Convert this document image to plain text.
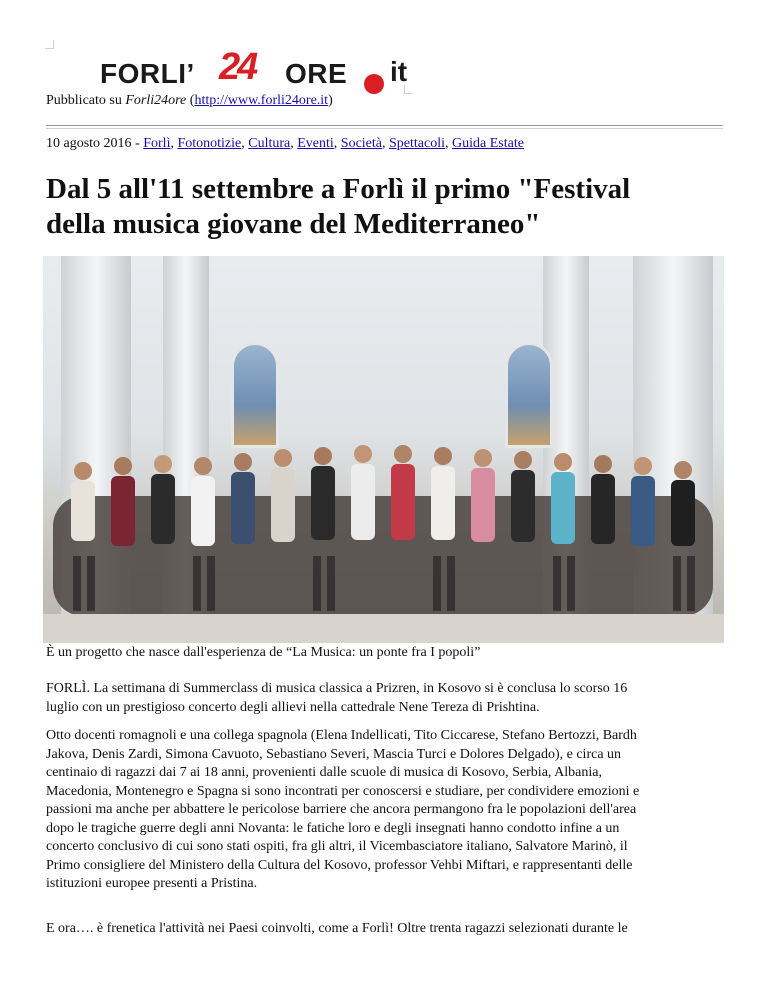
FORLI’ 24 ORE it
Pubblicato su Forli24ore (http://www.forli24ore.it)
10 agosto 2016 - Forlì, Fotonotizie, Cultura, Eventi, Società, Spettacoli, Guida Estate
Dal 5 all'11 settembre a Forlì il primo "Festival
della musica giovane del Mediterraneo"
È un progetto che nasce dall'esperienza de “La Musica: un ponte fra I popoli”

FORLÌ. La settimana di Summerclass di musica classica a Prizren, in Kosovo si è conclusa lo scorso 16
luglio con un prestigioso concerto degli allievi nella cattedrale Nene Tereza di Prishtina.

Otto docenti romagnoli e una collega spagnola (Elena Indellicati, Tito Ciccarese, Stefano Bertozzi, Bardh
Jakova, Denis Zardi, Simona Cavuoto, Sebastiano Severi, Mascia Turci e Dolores Delgado), e circa un
centinaio di ragazzi dai 7 ai 18 anni, provenienti dalle scuole di musica di Kosovo, Serbia, Albania,
Macedonia, Montenegro e Spagna si sono incontrati per conoscersi e studiare, per condividere emozioni e
passioni ma anche per abbattere le pericolose barriere che ancora permangono fra le popolazioni dell'area
dopo le tragiche guerre degli anni Novanta: le fatiche loro e degli insegnati hanno condotto infine a un
concerto conclusivo di cui sono stati ospiti, fra gli altri, il Vicembasciatore italiano, Salvatore Marinò, il
Primo consigliere del Ministero della Cultura del Kosovo, professor Vehbi Miftari, e rappresentanti delle
istituzioni europee presenti a Pristina.

E ora…. è frenetica l'attività nei Paesi coinvolti, come a Forlì! Oltre trenta ragazzi selezionati durante le
